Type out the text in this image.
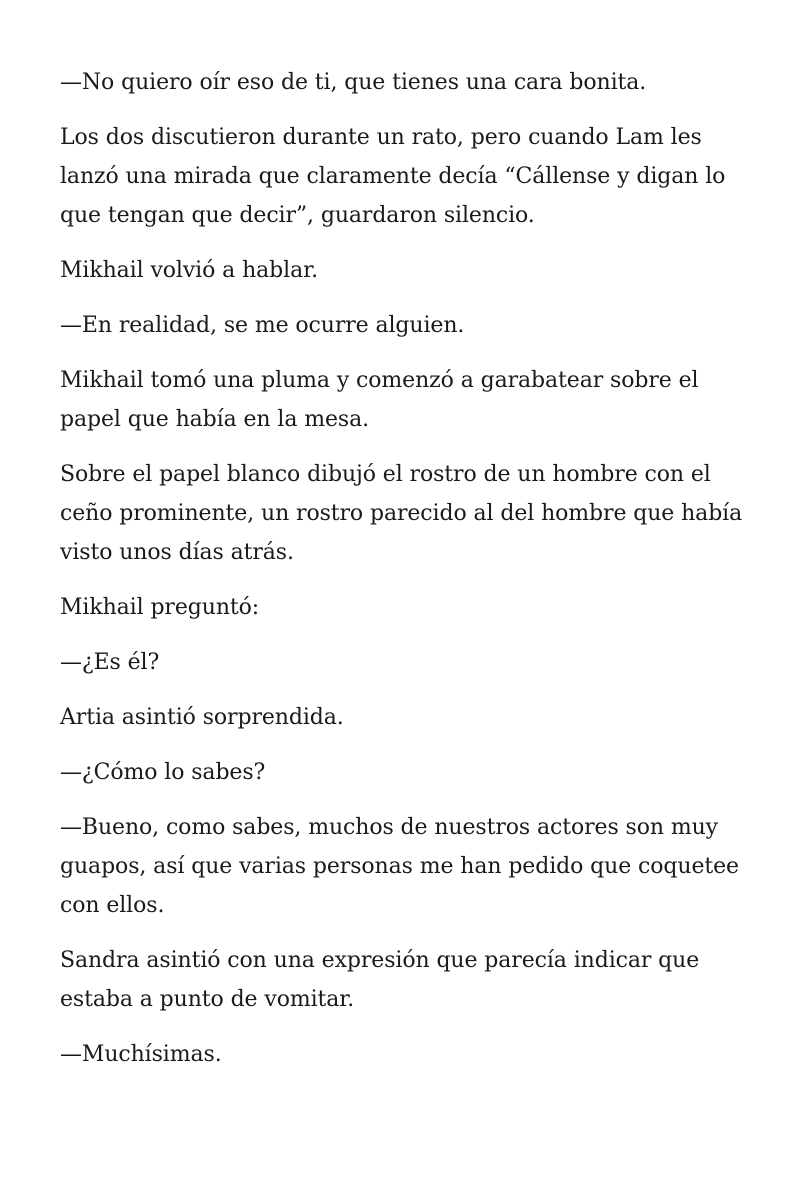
—No quiero oír eso de ti, que tienes una cara bonita.

Los dos discutieron durante un rato, pero cuando Lam les lanzó una mirada que claramente decía “Cállense y digan lo que tengan que decir”, guardaron silencio.

Mikhail volvió a hablar.

—En realidad, se me ocurre alguien.

Mikhail tomó una pluma y comenzó a garabatear sobre el papel que había en la mesa.

Sobre el papel blanco dibujó el rostro de un hombre con el ceño prominente, un rostro parecido al del hombre que había visto unos días atrás.

Mikhail preguntó:

—¿Es él?

Artia asintió sorprendida.

—¿Cómo lo sabes?

—Bueno, como sabes, muchos de nuestros actores son muy guapos, así que varias personas me han pedido que coquetee con ellos.

Sandra asintió con una expresión que parecía indicar que estaba a punto de vomitar.

—Muchísimas.
